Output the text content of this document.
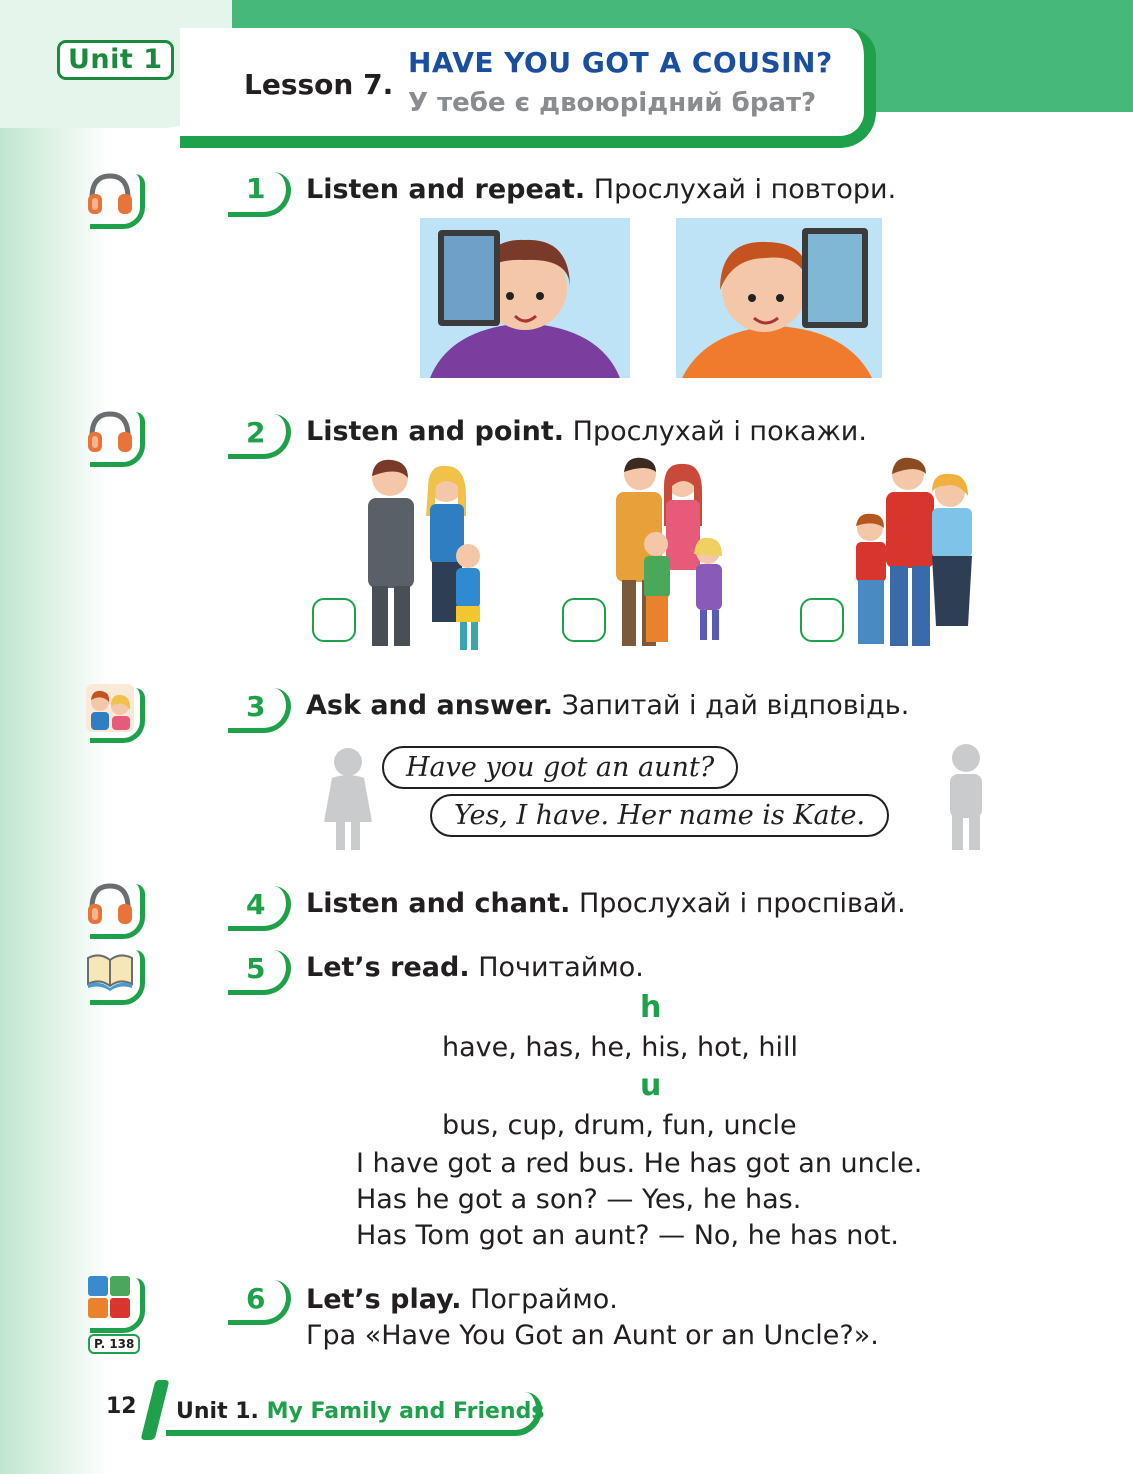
Unit 1
Lesson 7.
HAVE YOU GOT A COUSIN?
У тебе є двоюрідний брат?
1 Listen and repeat. Прослухай і повтори.
2 Listen and point. Прослухай і покажи.
3 Ask and answer. Запитай і дай відповідь.
Have you got an aunt?
Yes, I have. Her name is Kate.
4 Listen and chant. Прослухай і проспівай.
5 Let’s read. Почитаймо.
h
have, has, he, his, hot, hill
u
bus, cup, drum, fun, uncle
I have got a red bus. He has got an uncle.
Has he got a son? — Yes, he has.
Has Tom got an aunt? — No, he has not.
P. 138
6 Let’s play. Пограймо.
Гра «Have You Got an Aunt or an Uncle?».
12 Unit 1. My Family and Friends
